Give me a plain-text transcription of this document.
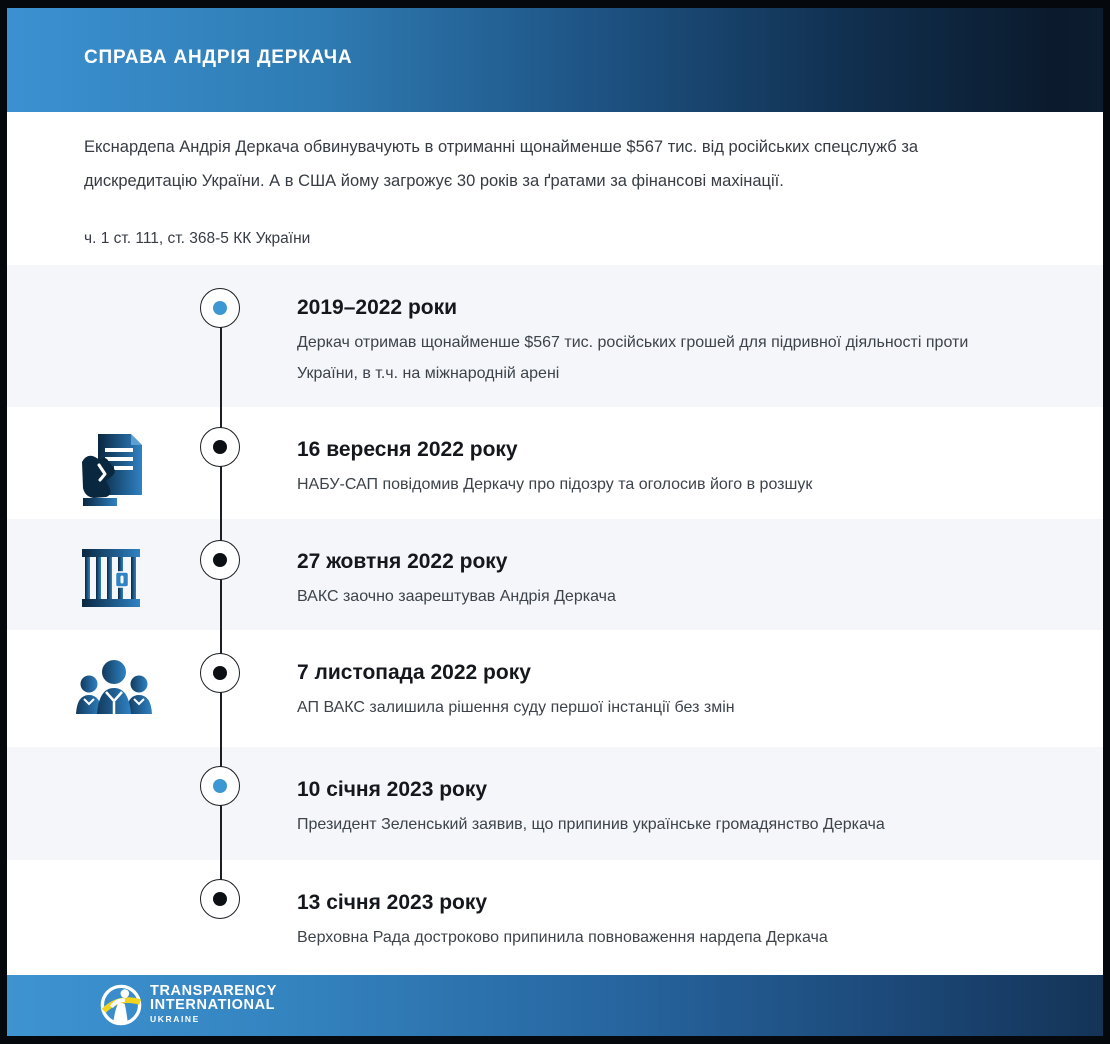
СПРАВА АНДРІЯ ДЕРКАЧА
Екснардепа Андрія Деркача обвинувачують в отриманні щонайменше $567 тис. від російських спецслужб за
дискредитацію України. А в США йому загрожує 30 років за ґратами за фінансові махінації.
ч. 1 ст. 111, ст. 368-5 КК України

2019–2022 роки

Деркач отримав щонайменше $567 тис. російських грошей для підривної діяльності проти
України, в т.ч. на міжнародній арені

16 вересня 2022 року

НАБУ-САП повідомив Деркачу про підозру та оголосив його в розшук

27 жовтня 2022 року

ВАКС заочно заарештував Андрія Деркача

7 листопада 2022 року

АП ВАКС залишила рішення суду першої інстанції без змін

10 січня 2023 року

Президент Зеленський заявив, що припинив українське громадянство Деркача

13 січня 2023 року

Верховна Рада достроково припинила повноваження нардепа Деркача
TRANSPARENCY
INTERNATIONAL
UKRAINE
